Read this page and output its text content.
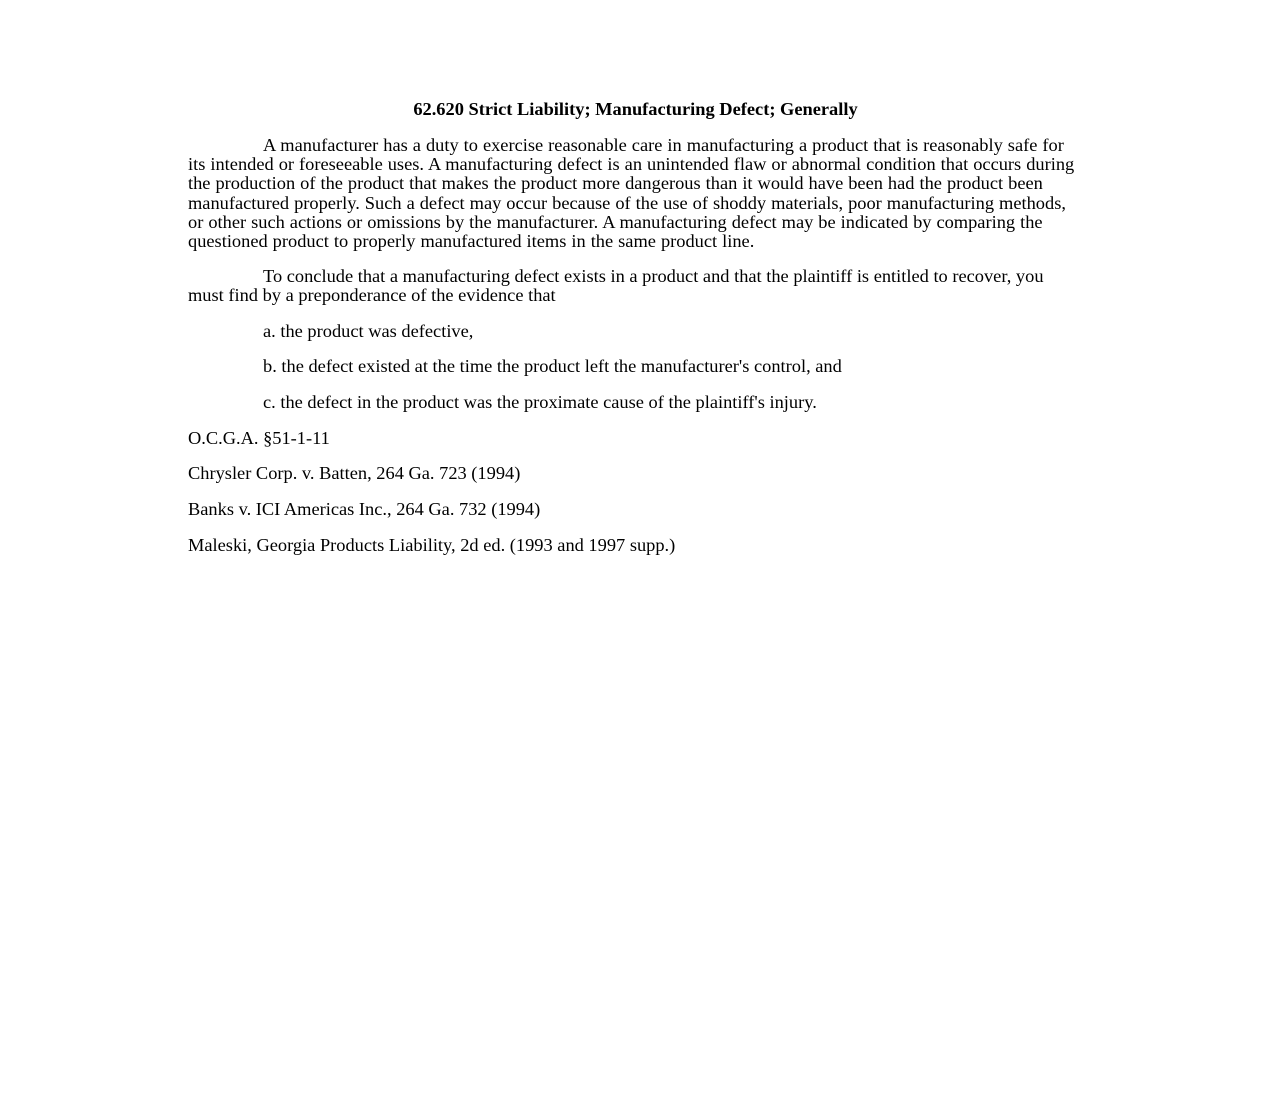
62.620 Strict Liability; Manufacturing Defect; Generally

A manufacturer has a duty to exercise reasonable care in manufacturing a product that is reasonably safe for its intended or foreseeable uses. A manufacturing defect is an unintended flaw or abnormal condition that occurs during the production of the product that makes the product more dangerous than it would have been had the product been manufactured properly. Such a defect may occur because of the use of shoddy materials, poor manufacturing methods, or other such actions or omissions by the manufacturer. A manufacturing defect may be indicated by comparing the questioned product to properly manufactured items in the same product line.

To conclude that a manufacturing defect exists in a product and that the plaintiff is entitled to recover, you must find by a preponderance of the evidence that

a. the product was defective,
b. the defect existed at the time the product left the manufacturer's control, and
c. the defect in the product was the proximate cause of the plaintiff's injury.
O.C.G.A. §51-1-11
Chrysler Corp. v. Batten, 264 Ga. 723 (1994)
Banks v. ICI Americas Inc., 264 Ga. 732 (1994)
Maleski, Georgia Products Liability, 2d ed. (1993 and 1997 supp.)
